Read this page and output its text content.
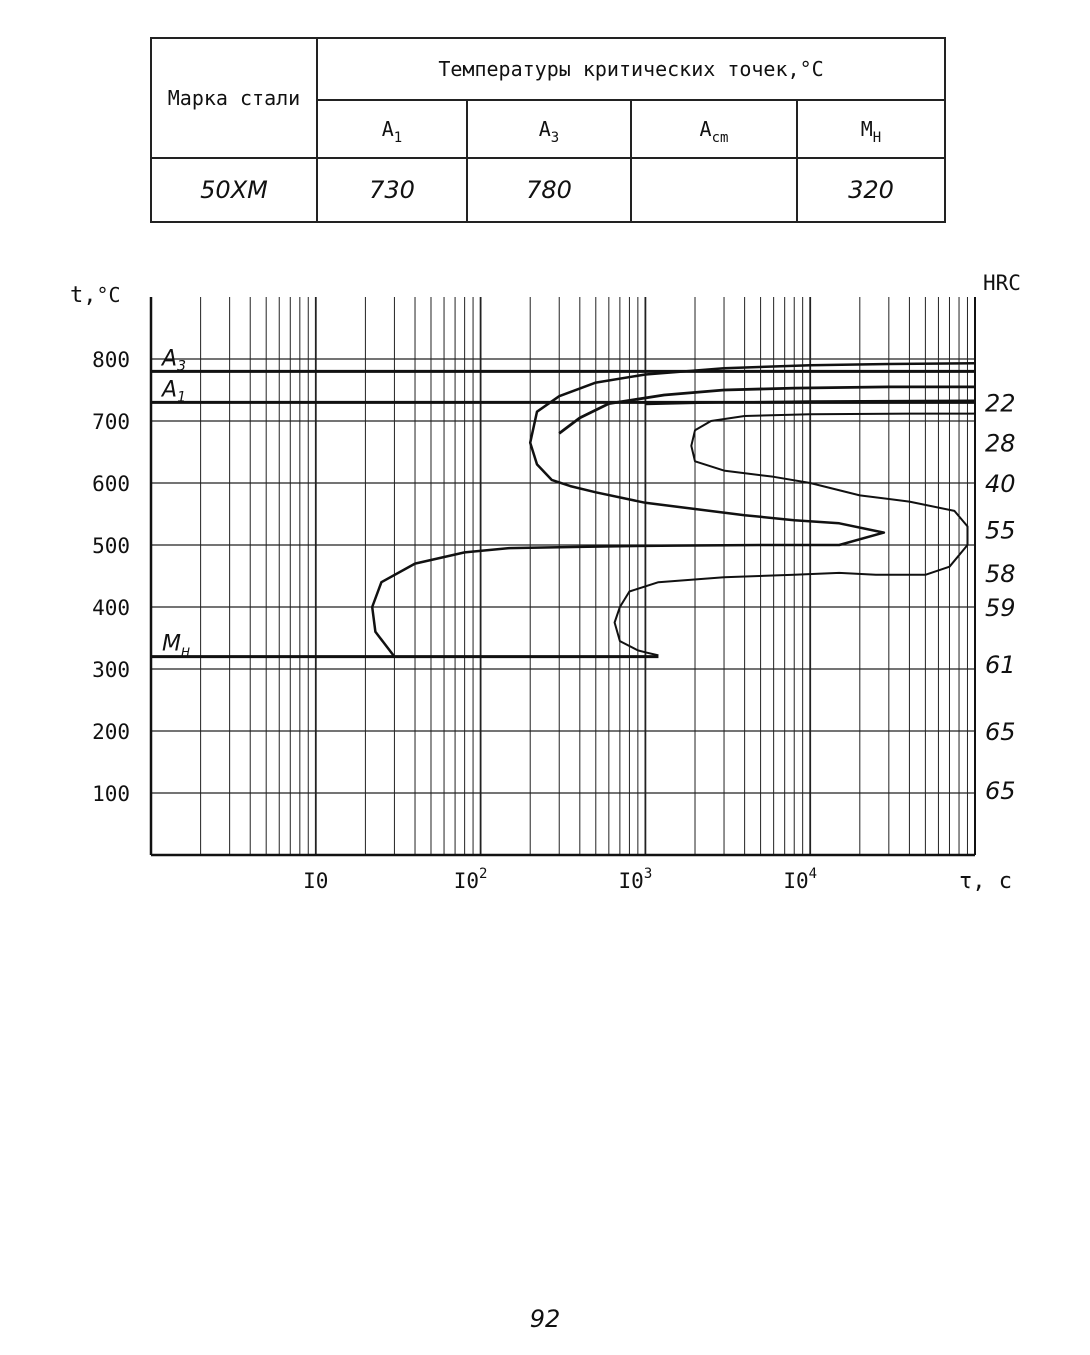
Марка стали	Температуры критических точек,°С			
	$A_1$	$A_3$	$A_{cm}$	$M_H$
50ХМ	730	780		320
100
200
300
400
500
600
700
800
I0	$I0^2$	$I0^3$	$I0^4$
t,°С
τ, с
HRC
$A_3$
$A_1$
$M_н$
22
28
40
55
58
59
61
65
65
92
